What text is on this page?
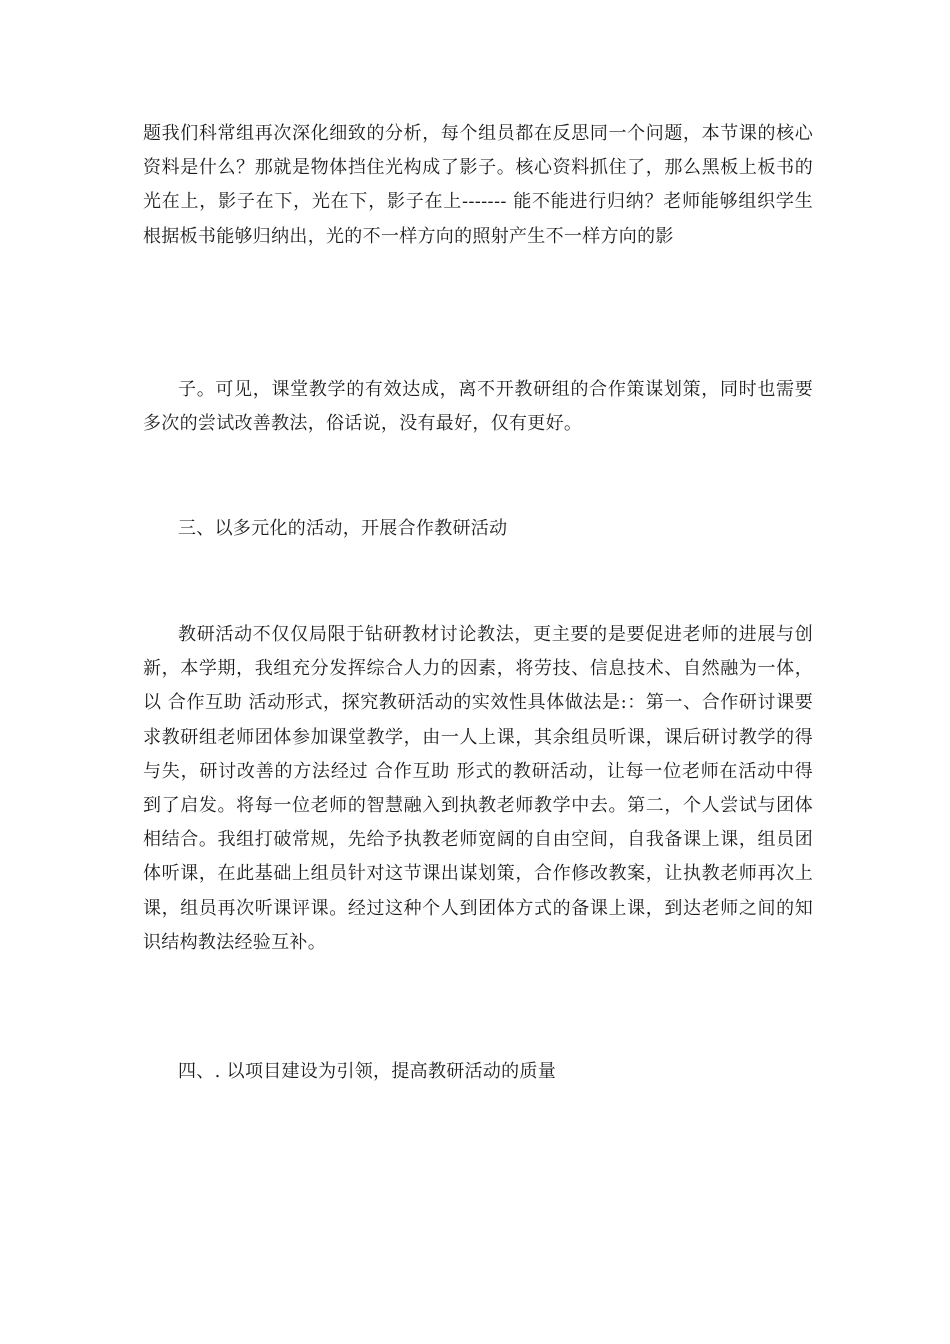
题我们科常组再次深化细致的分析，每个组员都在反思同一个问题，本节课的核心资料是什么？那就是物体挡住光构成了影子。核心资料抓住了，那么黑板上板书的光在上，影子在下，光在下，影子在上------- 能不能进行归纳？老师能够组织学生根据板书能够归纳出，光的不一样方向的照射产生不一样方向的影

子。可见，课堂教学的有效达成，离不开教研组的合作策谋划策，同时也需要多次的尝试改善教法，俗话说，没有最好，仅有更好。

三、以多元化的活动，开展合作教研活动

教研活动不仅仅局限于钻研教材讨论教法，更主要的是要促进老师的进展与创新，本学期，我组充分发挥综合人力的因素，将劳技、信息技术、自然融为一体，以 合作互助 活动形式，探究教研活动的实效性具体做法是:：第一、合作研讨课要求教研组老师团体参加课堂教学，由一人上课，其余组员听课，课后研讨教学的得与失，研讨改善的方法经过 合作互助 形式的教研活动，让每一位老师在活动中得到了启发。将每一位老师的智慧融入到执教老师教学中去。第二，个人尝试与团体相结合。我组打破常规，先给予执教老师宽阔的自由空间，自我备课上课，组员团体听课，在此基础上组员针对这节课出谋划策，合作修改教案，让执教老师再次上课，组员再次听课评课。经过这种个人到团体方式的备课上课，到达老师之间的知识结构教法经验互补。

四、. 以项目建设为引领，提高教研活动的质量
